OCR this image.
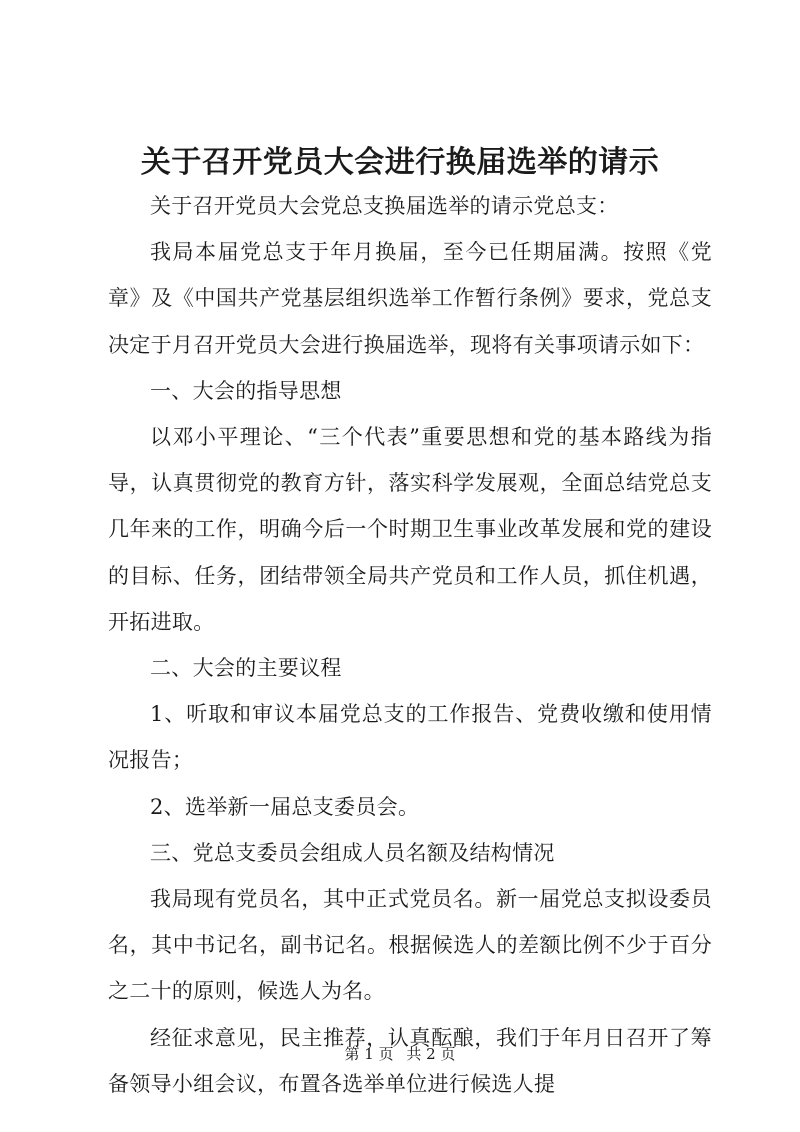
关于召开党员大会进行换届选举的请示

关于召开党员大会党总支换届选举的请示党总支：

我局本届党总支于年月换届，至今已任期届满。按照《党章》及《中国共产党基层组织选举工作暂行条例》要求，党总支决定于月召开党员大会进行换届选举，现将有关事项请示如下：

一、大会的指导思想

以邓小平理论、“三个代表”重要思想和党的基本路线为指导，认真贯彻党的教育方针，落实科学发展观，全面总结党总支几年来的工作，明确今后一个时期卫生事业改革发展和党的建设的目标、任务，团结带领全局共产党员和工作人员，抓住机遇，开拓进取。

二、大会的主要议程

1、听取和审议本届党总支的工作报告、党费收缴和使用情况报告；

2、选举新一届总支委员会。

三、党总支委员会组成人员名额及结构情况

我局现有党员名，其中正式党员名。新一届党总支拟设委员名，其中书记名，副书记名。根据候选人的差额比例不少于百分之二十的原则，候选人为名。

经征求意见，民主推荐，认真酝酿，我们于年月日召开了筹备领导小组会议，布置各选举单位进行候选人提

第 1 页 共 2 页
